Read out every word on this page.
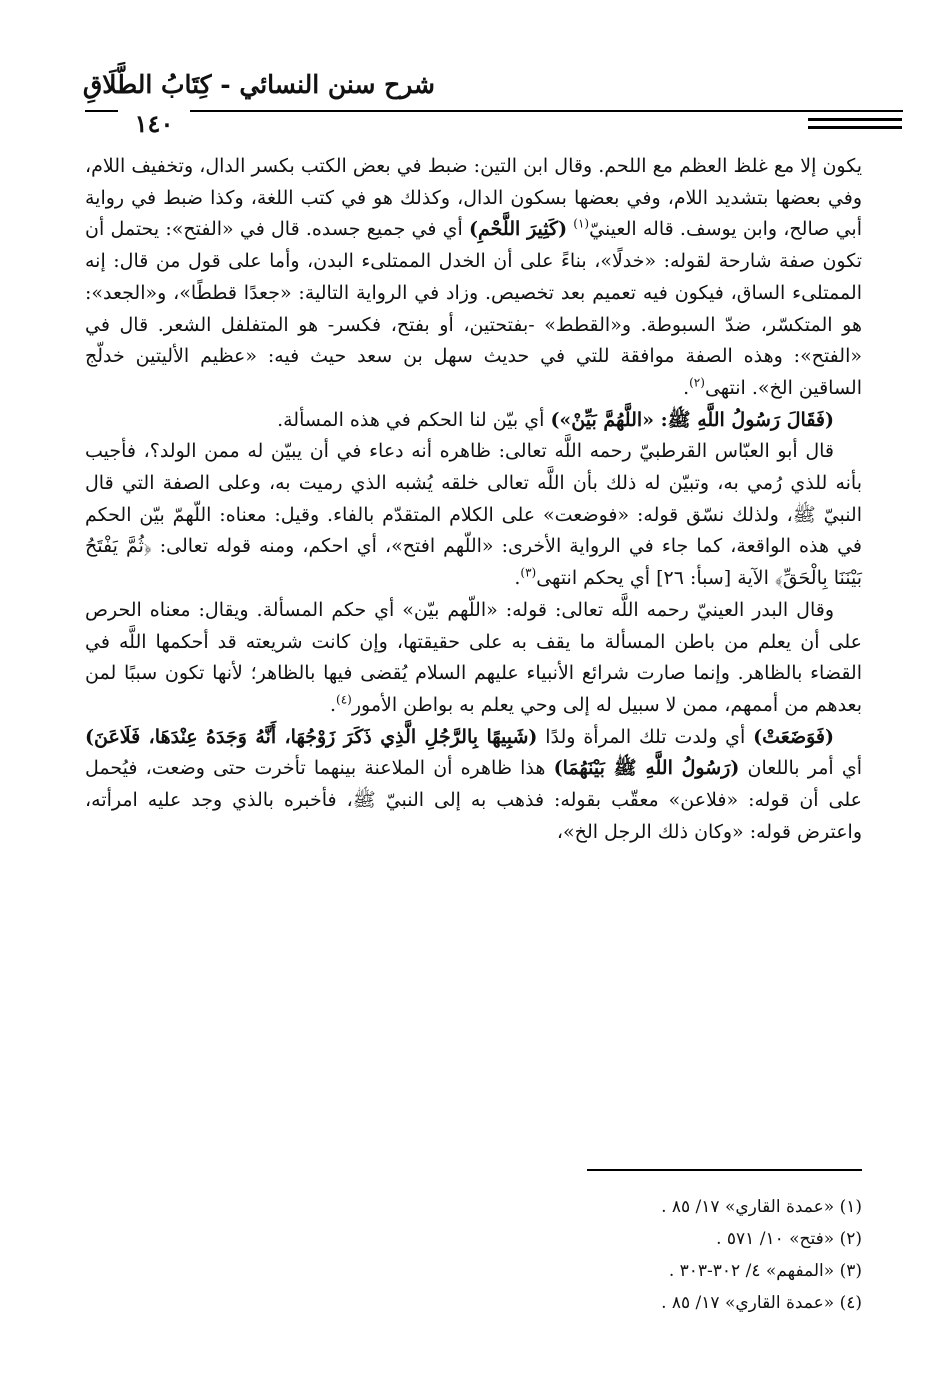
شرح سنن النسائي - كِتَابُ الطَّلَاقِ
١٤٠

يكون إلا مع غلظ العظم مع اللحم. وقال ابن التين: ضبط في بعض الكتب بكسر الدال، وتخفيف اللام، وفي بعضها بتشديد اللام، وفي بعضها بسكون الدال، وكذلك هو في كتب اللغة، وكذا ضبط في رواية أبي صالح، وابن يوسف. قاله العينيّ$^{(١)}$ (كَثِيرَ اللَّحْمِ) أي في جميع جسده. قال في «الفتح»: يحتمل أن تكون صفة شارحة لقوله: «خدلًا»، بناءً على أن الخدل الممتلىء البدن، وأما على قول من قال: إنه الممتلىء الساق، فيكون فيه تعميم بعد تخصيص. وزاد في الرواية التالية: «جعدًا قططًا»، و«الجعد»: هو المتكسّر، ضدّ السبوطة. و«القطط» -بفتحتين، أو بفتح، فكسر- هو المتفلفل الشعر. قال في «الفتح»: وهذه الصفة موافقة للتي في حديث سهل بن سعد حيث فيه: «عظيم الأليتين خدلّج الساقين الخ». انتهى$^{(٢)}$.

(فَقَالَ رَسُولُ اللَّهِ ﷺ: «اللَّهُمَّ بَيِّنْ») أي بيّن لنا الحكم في هذه المسألة.

قال أبو العبّاس القرطبيّ رحمه اللَّه تعالى: ظاهره أنه دعاء في أن يبيّن له ممن الولد؟، فأجيب بأنه للذي رُمي به، وتبيّن له ذلك بأن اللَّه تعالى خلقه يُشبه الذي رميت به، وعلى الصفة التي قال النبيّ ﷺ، ولذلك نسّق قوله: «فوضعت» على الكلام المتقدّم بالفاء. وقيل: معناه: اللّهمّ بيّن الحكم في هذه الواقعة، كما جاء في الرواية الأخرى: «اللّهم افتح»، أي احكم، ومنه قوله تعالى: ﴿ثُمَّ يَفْتَحُ بَيْنَنَا بِالْحَقِّ﴾ الآية [سبأ: ٢٦] أي يحكم انتهى$^{(٣)}$.

وقال البدر العينيّ رحمه اللَّه تعالى: قوله: «اللّهم بيّن» أي حكم المسألة. ويقال: معناه الحرص على أن يعلم من باطن المسألة ما يقف به على حقيقتها، وإن كانت شريعته قد أحكمها اللَّه في القضاء بالظاهر. وإنما صارت شرائع الأنبياء عليهم السلام يُقضى فيها بالظاهر؛ لأنها تكون سببًا لمن بعدهم من أممهم، ممن لا سبيل له إلى وحي يعلم به بواطن الأمور$^{(٤)}$.

(فَوَضَعَتْ) أي ولدت تلك المرأة ولدًا (شَبِيهًا بِالرَّجُلِ الَّذِي ذَكَرَ زَوْجُهَا، أَنَّهُ وَجَدَهُ عِنْدَهَا، فَلَاعَنَ) أي أمر باللعان (رَسُولُ اللَّهِ ﷺ بَيْنَهُمَا) هذا ظاهره أن الملاعنة بينهما تأخرت حتى وضعت، فيُحمل على أن قوله: «فلاعن» معقّب بقوله: فذهب به إلى النبيّ ﷺ، فأخبره بالذي وجد عليه امرأته، واعترض قوله: «وكان ذلك الرجل الخ»،

(١) «عمدة القاري» ١٧/ ٨٥ .
(٢) «فتح» ١٠/ ٥٧١ .
(٣) «المفهم» ٤/ ٣٠٢-٣٠٣ .
(٤) «عمدة القاري» ١٧/ ٨٥ .
